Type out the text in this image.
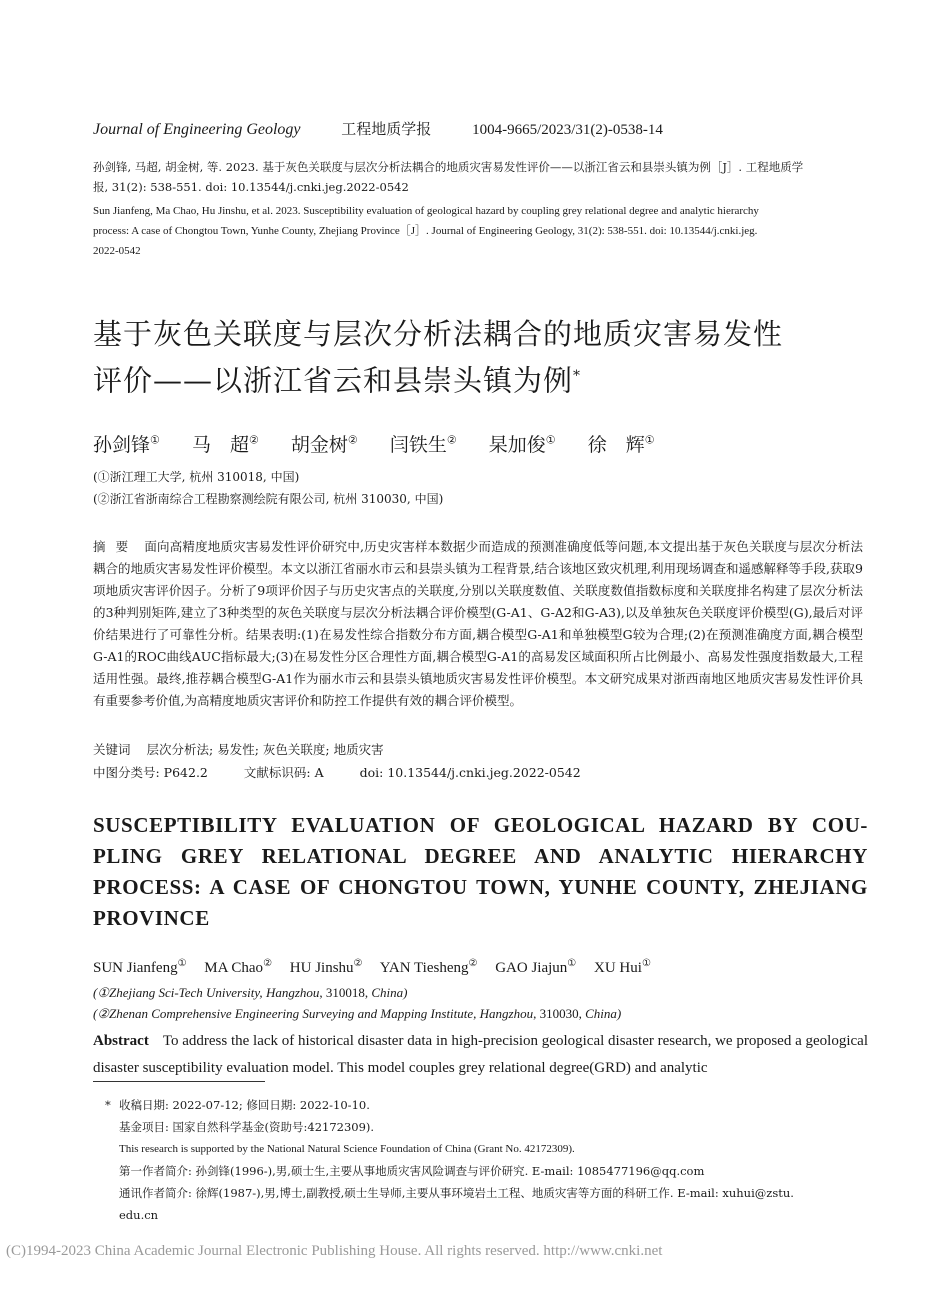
Journal of Engineering Geology	工程地质学报	1004-9665/2023/31(2)-0538-14
孙剑锋, 马超, 胡金树, 等. 2023. 基于灰色关联度与层次分析法耦合的地质灾害易发性评价——以浙江省云和县崇头镇为例［J］. 工程地质学
报, 31(2): 538-551. doi: 10.13544/j.cnki.jeg.2022-0542
Sun Jianfeng, Ma Chao, Hu Jinshu, et al. 2023. Susceptibility evaluation of geological hazard by coupling grey relational degree and analytic hierarchy
process: A case of Chongtou Town, Yunhe County, Zhejiang Province［J］. Journal of Engineering Geology, 31(2): 538-551. doi: 10.13544/j.cnki.jeg.
2022-0542
基于灰色关联度与层次分析法耦合的地质灾害易发性
评价——以浙江省云和县崇头镇为例*
孙剑锋① 马　超② 胡金树② 闫铁生② 杲加俊① 徐　辉①
(①浙江理工大学, 杭州 310018, 中国)
(②浙江省浙南综合工程勘察测绘院有限公司, 杭州 310030, 中国)
摘要 面向高精度地质灾害易发性评价研究中,历史灾害样本数据少而造成的预测准确度低等问题,本文提出基于灰色关联度与层次分析法耦合的地质灾害易发性评价模型。本文以浙江省丽水市云和县崇头镇为工程背景,结合该地区致灾机理,利用现场调查和遥感解释等手段,获取9项地质灾害评价因子。分析了9项评价因子与历史灾害点的关联度,分别以关联度数值、关联度数值指数标度和关联度排名构建了层次分析法的3种判别矩阵,建立了3种类型的灰色关联度与层次分析法耦合评价模型(G-A1、G-A2和G-A3),以及单独灰色关联度评价模型(G),最后对评价结果进行了可靠性分析。结果表明:(1)在易发性综合指数分布方面,耦合模型G-A1和单独模型G较为合理;(2)在预测准确度方面,耦合模型G-A1的ROC曲线AUC指标最大;(3)在易发性分区合理性方面,耦合模型G-A1的高易发区域面积所占比例最小、高易发性强度指数最大,工程适用性强。最终,推荐耦合模型G-A1作为丽水市云和县崇头镇地质灾害易发性评价模型。本文研究成果对浙西南地区地质灾害易发性评价具有重要参考价值,为高精度地质灾害评价和防控工作提供有效的耦合评价模型。
关键词 层次分析法; 易发性; 灰色关联度; 地质灾害
中图分类号: P642.2	文献标识码: A	doi: 10.13544/j.cnki.jeg.2022-0542
SUSCEPTIBILITY EVALUATION OF GEOLOGICAL HAZARD BY COU-PLING GREY RELATIONAL DEGREE AND ANALYTIC HIERARCHY PROCESS: A CASE OF CHONGTOU TOWN, YUNHE COUNTY, ZHEJIANG PROVINCE
SUN Jianfeng① MA Chao② HU Jinshu② YAN Tiesheng② GAO Jiajun① XU Hui①
(①Zhejiang Sci-Tech University, Hangzhou, 310018, China)
(②Zhenan Comprehensive Engineering Surveying and Mapping Institute, Hangzhou, 310030, China)
Abstract To address the lack of historical disaster data in high-precision geological disaster research, we proposed a geological disaster susceptibility evaluation model. This model couples grey relational degree(GRD) and analytic
* 收稿日期: 2022-07-12; 修回日期: 2022-10-10.
基金项目: 国家自然科学基金(资助号:42172309).
This research is supported by the National Natural Science Foundation of China (Grant No. 42172309).
第一作者简介: 孙剑锋(1996-),男,硕士生,主要从事地质灾害风险调查与评价研究. E-mail: 1085477196@qq.com
通讯作者简介: 徐辉(1987-),男,博士,副教授,硕士生导师,主要从事环境岩土工程、地质灾害等方面的科研工作. E-mail: xuhui@zstu.
edu.cn
(C)1994-2023 China Academic Journal Electronic Publishing House. All rights reserved. http://www.cnki.net
